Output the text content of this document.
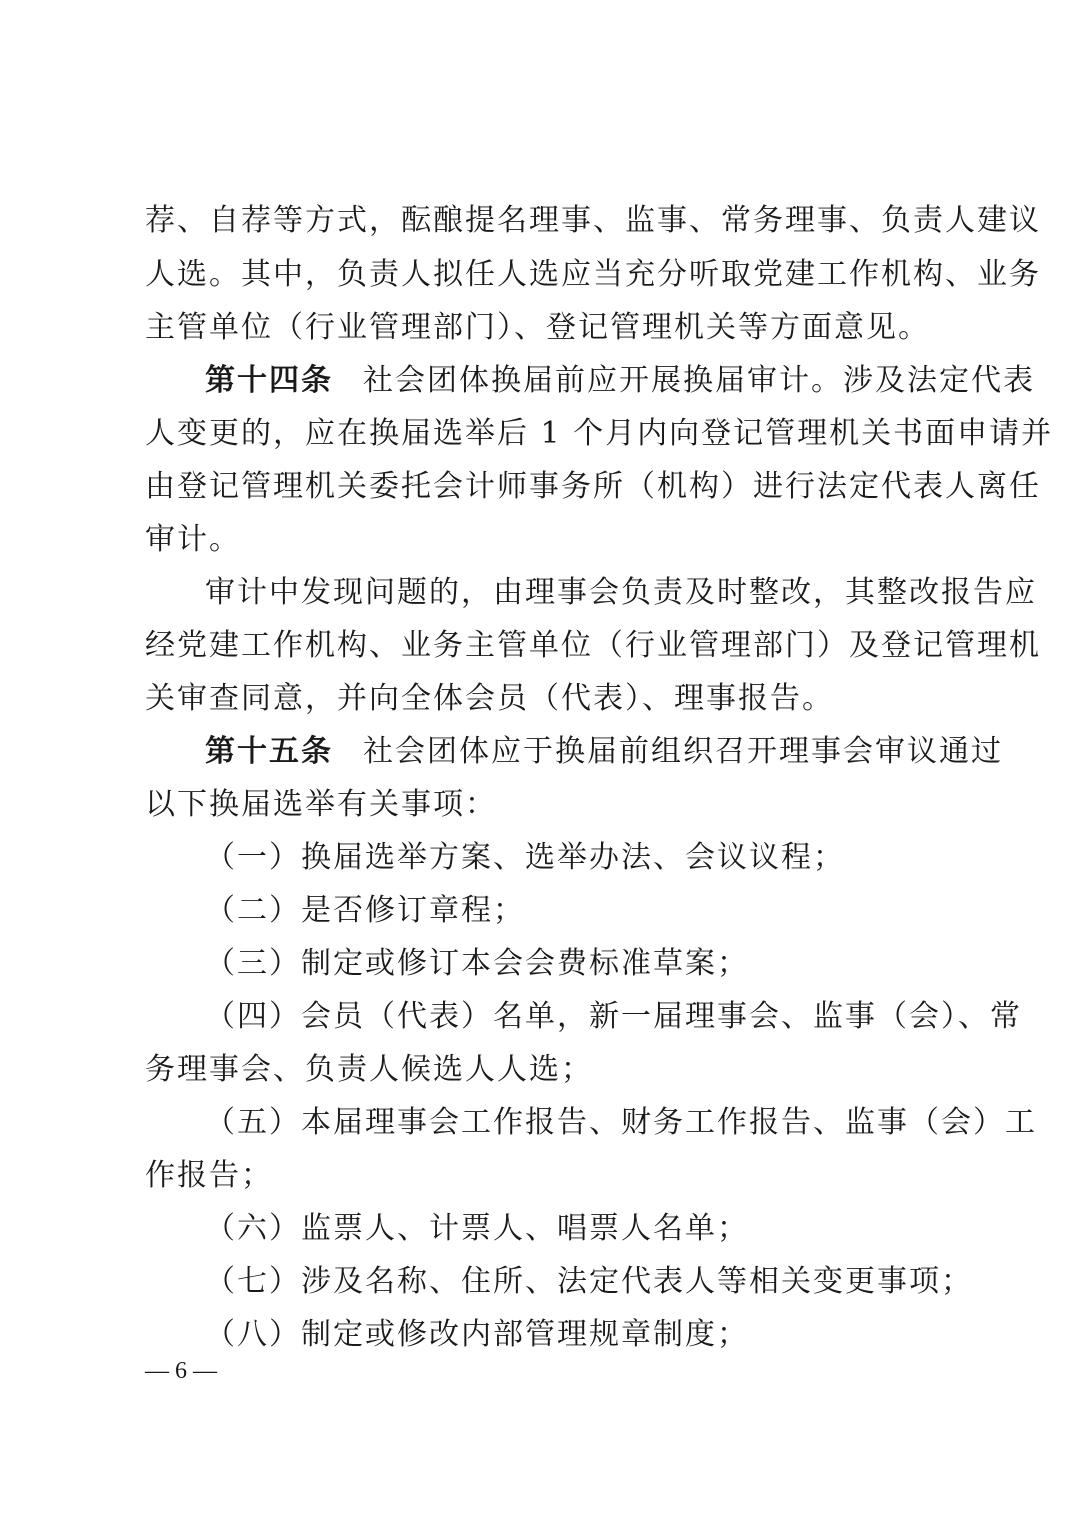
荐、自荐等方式，酝酿提名理事、监事、常务理事、负责人建议
人选。其中，负责人拟任人选应当充分听取党建工作机构、业务
主管单位（行业管理部门）、登记管理机关等方面意见。
第十四条 社会团体换届前应开展换届审计。涉及法定代表
人变更的，应在换届选举后 1 个月内向登记管理机关书面申请并
由登记管理机关委托会计师事务所（机构）进行法定代表人离任
审计。
审计中发现问题的，由理事会负责及时整改，其整改报告应
经党建工作机构、业务主管单位（行业管理部门）及登记管理机
关审查同意，并向全体会员（代表）、理事报告。
第十五条 社会团体应于换届前组织召开理事会审议通过
以下换届选举有关事项：
（一）换届选举方案、选举办法、会议议程；
（二）是否修订章程；
（三）制定或修订本会会费标准草案；
（四）会员（代表）名单，新一届理事会、监事（会）、常
务理事会、负责人候选人人选；
（五）本届理事会工作报告、财务工作报告、监事（会）工
作报告；
（六）监票人、计票人、唱票人名单；
（七）涉及名称、住所、法定代表人等相关变更事项；
（八）制定或修改内部管理规章制度；
— 6 —
